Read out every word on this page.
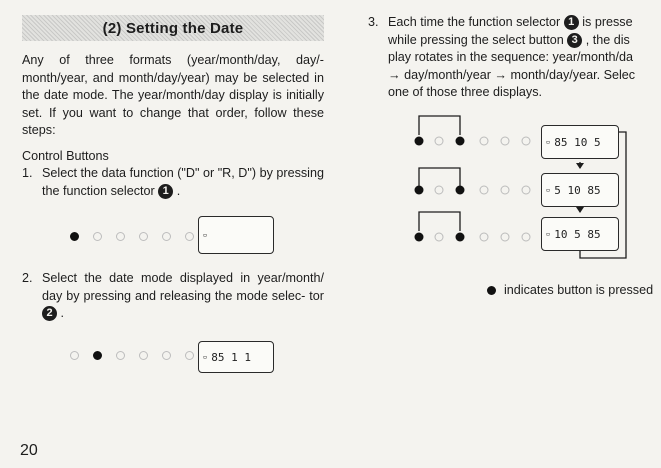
(2) Setting the Date
Any of three formats (year/month/day, day/-month/year, and month/day/year) may be selected in the date mode. The year/month/day display is initially set. If you want to change that order, follow these steps:
Control Buttons
1. Select the data function ("D" or "R, D") by pressing the function selector 1 .
▫
2. Select the date mode displayed in year/month/ day by pressing and releasing the mode selec- tor 2 .
▫ 85 1 1
20
3. Each time the function selector 1 is presse
while pressing the select button 3 , the dis
play rotates in the sequence: year/month/da
→ day/month/year → month/day/year. Selec
one of those three displays.
▫ 85 10 5
▫ 5 10 85
▫ 10 5 85
indicates button is pressed
